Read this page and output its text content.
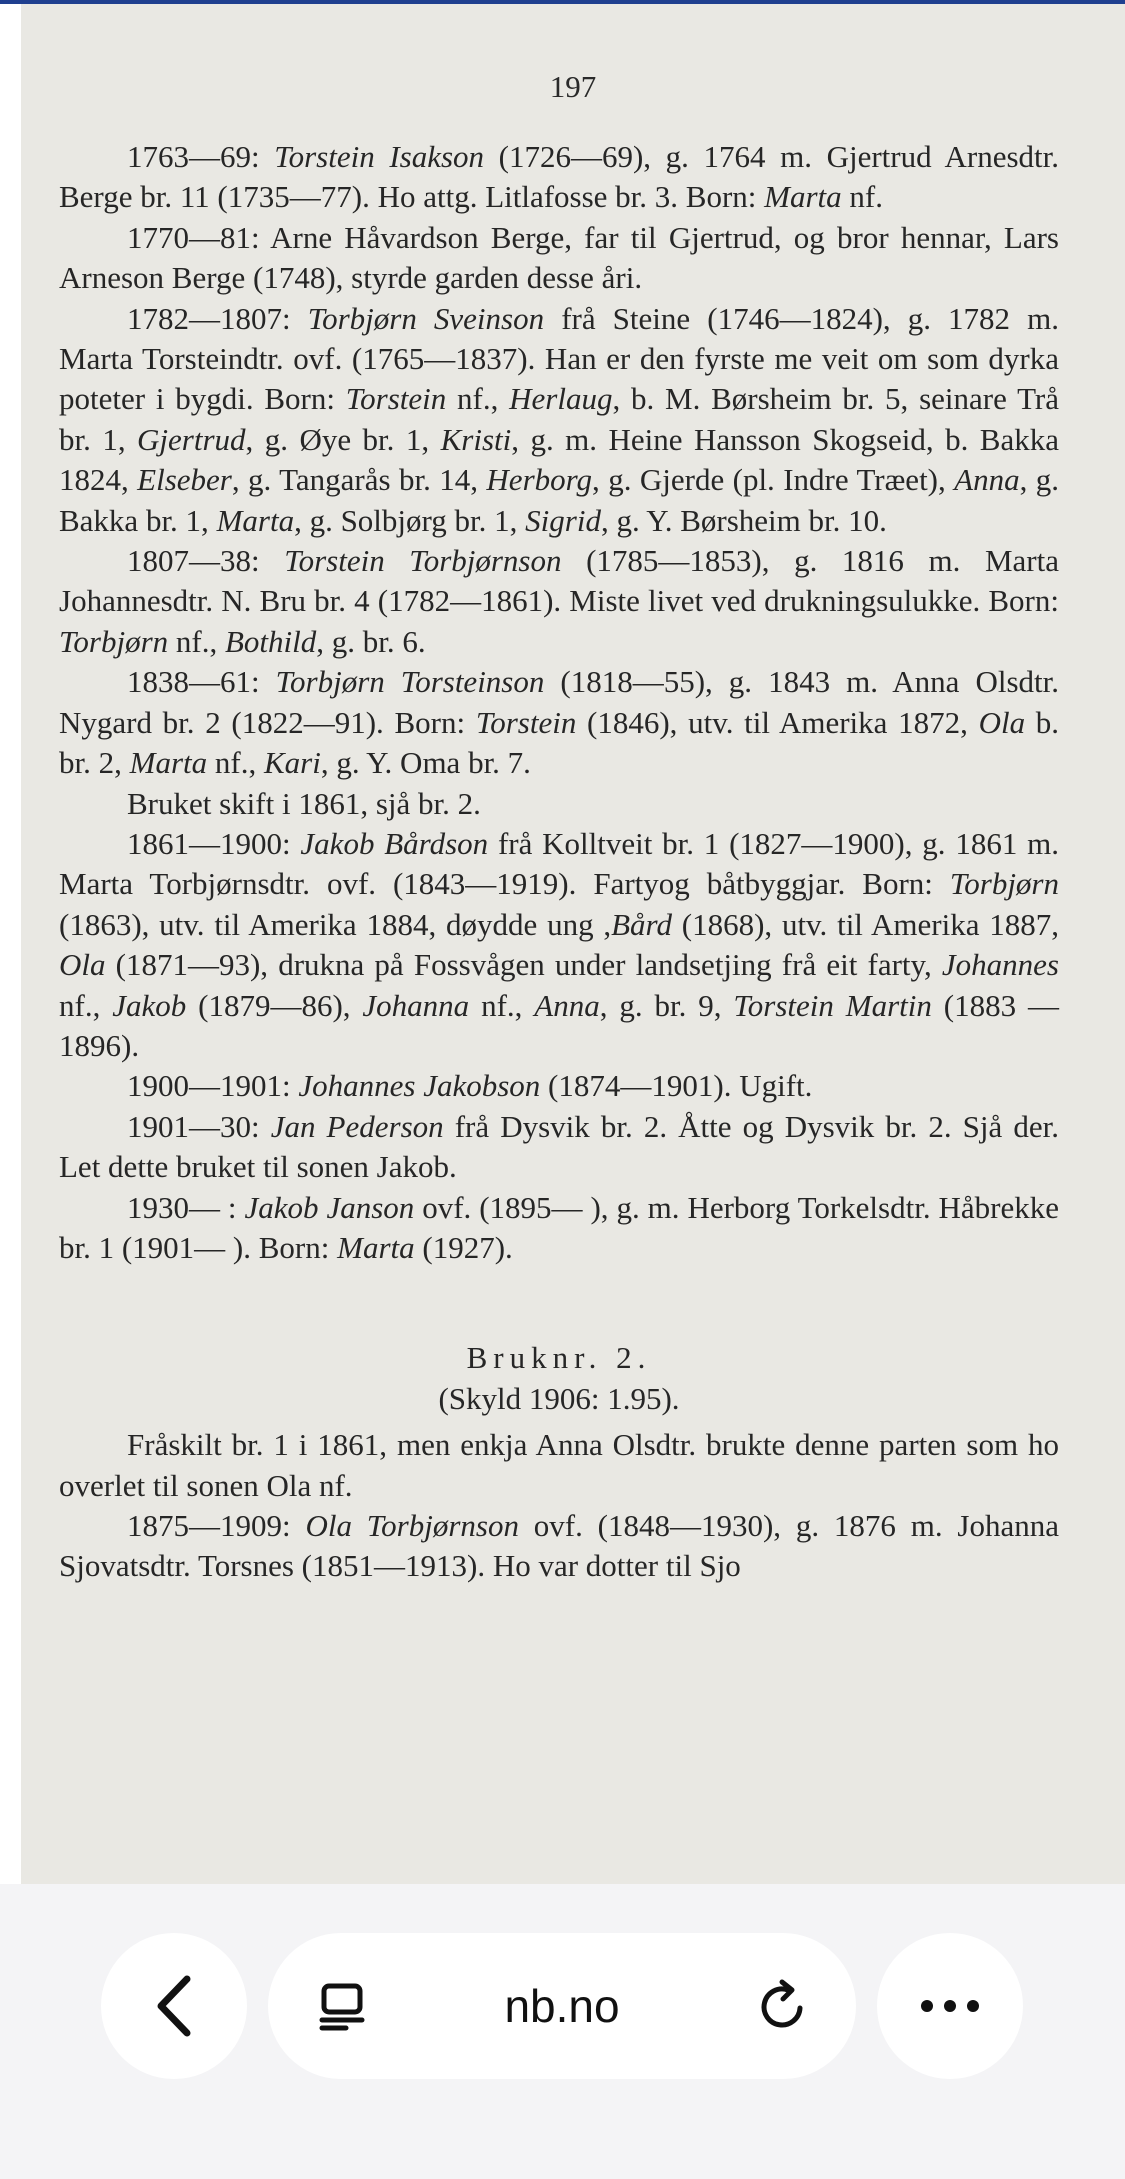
197

1763—69: Torstein Isakson (1726—69), g. 1764 m. Gjertrud Arnesdtr. Berge br. 11 (1735—77). Ho attg. Litlafosse br. 3. Born: Marta nf.

1770—81: Arne Håvardson Berge, far til Gjertrud, og bror hennar, Lars Arneson Berge (1748), styrde garden desse åri.

1782—1807: Torbjørn Sveinson frå Steine (1746—1824), g. 1782 m. Marta Torsteindtr. ovf. (1765—1837). Han er den fyrste me veit om som dyrka poteter i bygdi. Born: Torstein nf., Herlaug, b. M. Børsheim br. 5, seinare Trå br. 1, Gjertrud, g. Øye br. 1, Kristi, g. m. Heine Hansson Skogseid, b. Bakka 1824, Elseber, g. Tangarås br. 14, Herborg, g. Gjerde (pl. Indre Træet), Anna, g. Bakka br. 1, Marta, g. Solbjørg br. 1, Sigrid, g. Y. Børsheim br. 10.

1807—38: Torstein Torbjørnson (1785—1853), g. 1816 m. Marta Johannesdtr. N. Bru br. 4 (1782—1861). Miste livet ved drukningsulukke. Born: Torbjørn nf., Bothild, g. br. 6.

1838—61: Torbjørn Torsteinson (1818—55), g. 1843 m. Anna Olsdtr. Nygard br. 2 (1822—91). Born: Torstein (1846), utv. til Amerika 1872, Ola b. br. 2, Marta nf., Kari, g. Y. Oma br. 7.

Bruket skift i 1861, sjå br. 2.

1861—1900: Jakob Bårdson frå Kolltveit br. 1 (1827—1900), g. 1861 m. Marta Torbjørnsdtr. ovf. (1843—1919). Fartyog båtbyggjar. Born: Torbjørn (1863), utv. til Amerika 1884, døydde ung ,Bård (1868), utv. til Amerika 1887, Ola (1871—93), drukna på Fossvågen under landsetjing frå eit farty, Johannes nf., Jakob (1879—86), Johanna nf., Anna, g. br. 9, Torstein Martin (1883 —1896).

1900—1901: Johannes Jakobson (1874—1901). Ugift.

1901—30: Jan Pederson frå Dysvik br. 2. Åtte og Dysvik br. 2. Sjå der. Let dette bruket til sonen Jakob.

1930— : Jakob Janson ovf. (1895— ), g. m. Herborg Torkelsdtr. Håbrekke br. 1 (1901— ). Born: Marta (1927).

Bruknr. 2.

(Skyld 1906: 1.95).

Fråskilt br. 1 i 1861, men enkja Anna Olsdtr. brukte denne parten som ho overlet til sonen Ola nf.

1875—1909: Ola Torbjørnson ovf. (1848—1930), g. 1876 m. Johanna Sjovatsdtr. Torsnes (1851—1913). Ho var dotter til Sjo

nb.no
